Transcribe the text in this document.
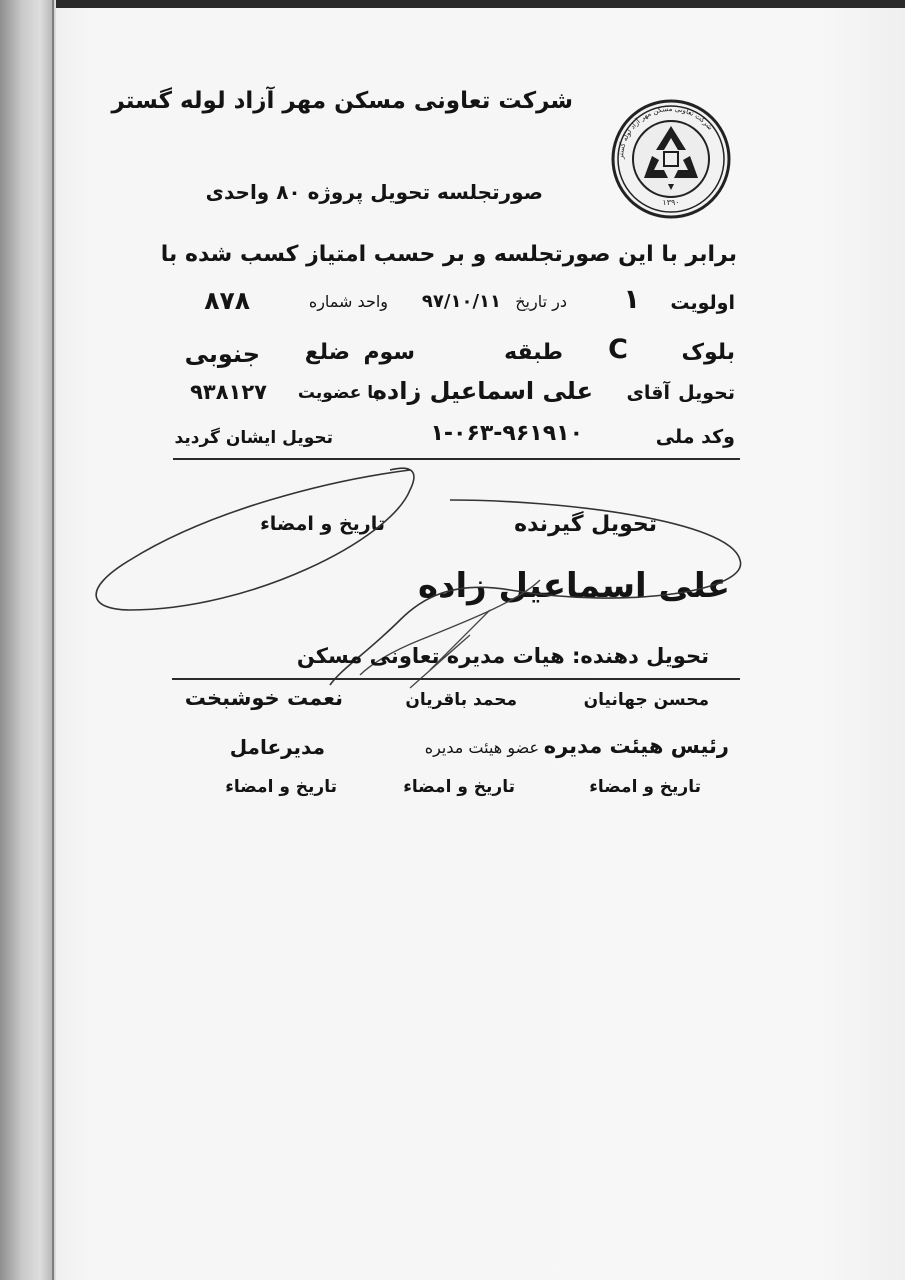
شرکت تعاونی مسکن مهر آزاد لوله گستر
شرکت تعاونی مسکن مهر آزاد لوله گستر
۱۳۹۰
صورتجلسه تحویل پروژه ۸۰ واحدی
برابر با این صورتجلسه و بر حسب امتیاز کسب شده با
اولویت
۱
در تاریخ
۹۷/۱۰/۱۱
واحد شماره
۸۷۸
بلوک
C
طبقه
سوم
ضلع
جنوبی
تحویل
آقای
علی اسماعیل زاده
با عضویت
۹۳۸۱۲۷
وکد ملی
۱-۰۶۳-۹۶۱۹۱۰
تحویل ایشان گردید
تحویل گیرنده
تاریخ و امضاء
علی اسماعیل زاده
تحویل دهنده: هیات مدیره تعاونی مسکن
محسن جهانیان
محمد باقریان
نعمت خوشبخت
رئیس هیئت مدیره
عضو هیئت مدیره
مدیرعامل
تاریخ و امضاء
تاریخ و امضاء
تاریخ و امضاء
